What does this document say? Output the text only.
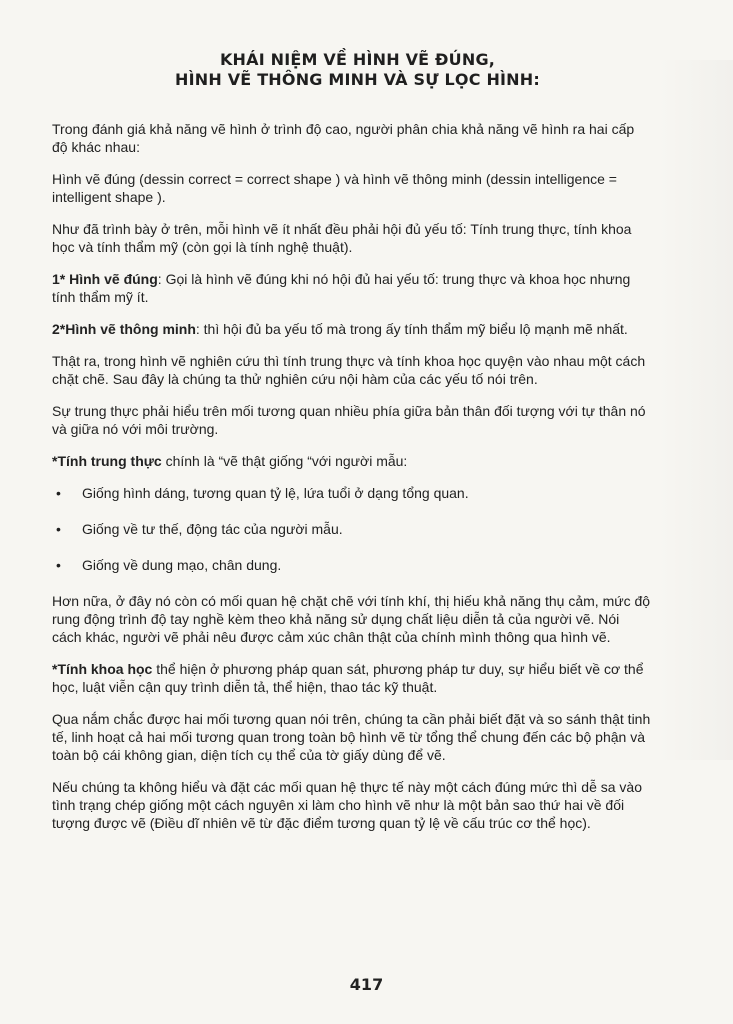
KHÁI NIỆM VỀ HÌNH VẼ ĐÚNG,
HÌNH VẼ THÔNG MINH VÀ SỰ LỌC HÌNH:

Trong đánh giá khả năng vẽ hình ở trình độ cao, người phân chia khả năng vẽ hình ra hai cấp độ khác nhau:

Hình vẽ đúng (dessin correct = correct shape ) và hình vẽ thông minh (dessin intelligence = intelligent shape ).

Như đã trình bày ở trên, mỗi hình vẽ ít nhất đều phải hội đủ yếu tố: Tính trung thực, tính khoa học và tính thẩm mỹ (còn gọi là tính nghệ thuật).

1* Hình vẽ đúng: Gọi là hình vẽ đúng khi nó hội đủ hai yếu tố: trung thực và khoa học nhưng tính thẩm mỹ ít.

2*Hình vẽ thông minh: thì hội đủ ba yếu tố mà trong ấy tính thẩm mỹ biểu lộ mạnh mẽ nhất.

Thật ra, trong hình vẽ nghiên cứu thì tính trung thực và tính khoa học quyện vào nhau một cách chặt chẽ. Sau đây là chúng ta thử nghiên cứu nội hàm của các yếu tố nói trên.

Sự trung thực phải hiểu trên mối tương quan nhiều phía giữa bản thân đối tượng với tự thân nó và giữa nó với môi trường.

*Tính trung thực chính là “vẽ thật giống “với người mẫu:

• Giống hình dáng, tương quan tỷ lệ, lứa tuổi ở dạng tổng quan.
• Giống về tư thế, động tác của người mẫu.
• Giống về dung mạo, chân dung.

Hơn nữa, ở đây nó còn có mối quan hệ chặt chẽ với tính khí, thị hiếu khả năng thụ cảm, mức độ rung động trình độ tay nghề kèm theo khả năng sử dụng chất liệu diễn tả của người vẽ. Nói cách khác, người vẽ phải nêu được cảm xúc chân thật của chính mình thông qua hình vẽ.

*Tính khoa học thể hiện ở phương pháp quan sát, phương pháp tư duy, sự hiểu biết về cơ thể học, luật viễn cận quy trình diễn tả, thể hiện, thao tác kỹ thuật.

Qua nắm chắc được hai mối tương quan nói trên, chúng ta cần phải biết đặt và so sánh thật tinh tế, linh hoạt cả hai mối tương quan trong toàn bộ hình vẽ từ tổng thể chung đến các bộ phận và toàn bộ cái không gian, diện tích cụ thể của tờ giấy dùng để vẽ.

Nếu chúng ta không hiểu và đặt các mối quan hệ thực tế này một cách đúng mức thì dễ sa vào tình trạng chép giống một cách nguyên xi làm cho hình vẽ như là một bản sao thứ hai về đối tượng được vẽ (Điều dĩ nhiên vẽ từ đặc điểm tương quan tỷ lệ về cấu trúc cơ thể học).

417
